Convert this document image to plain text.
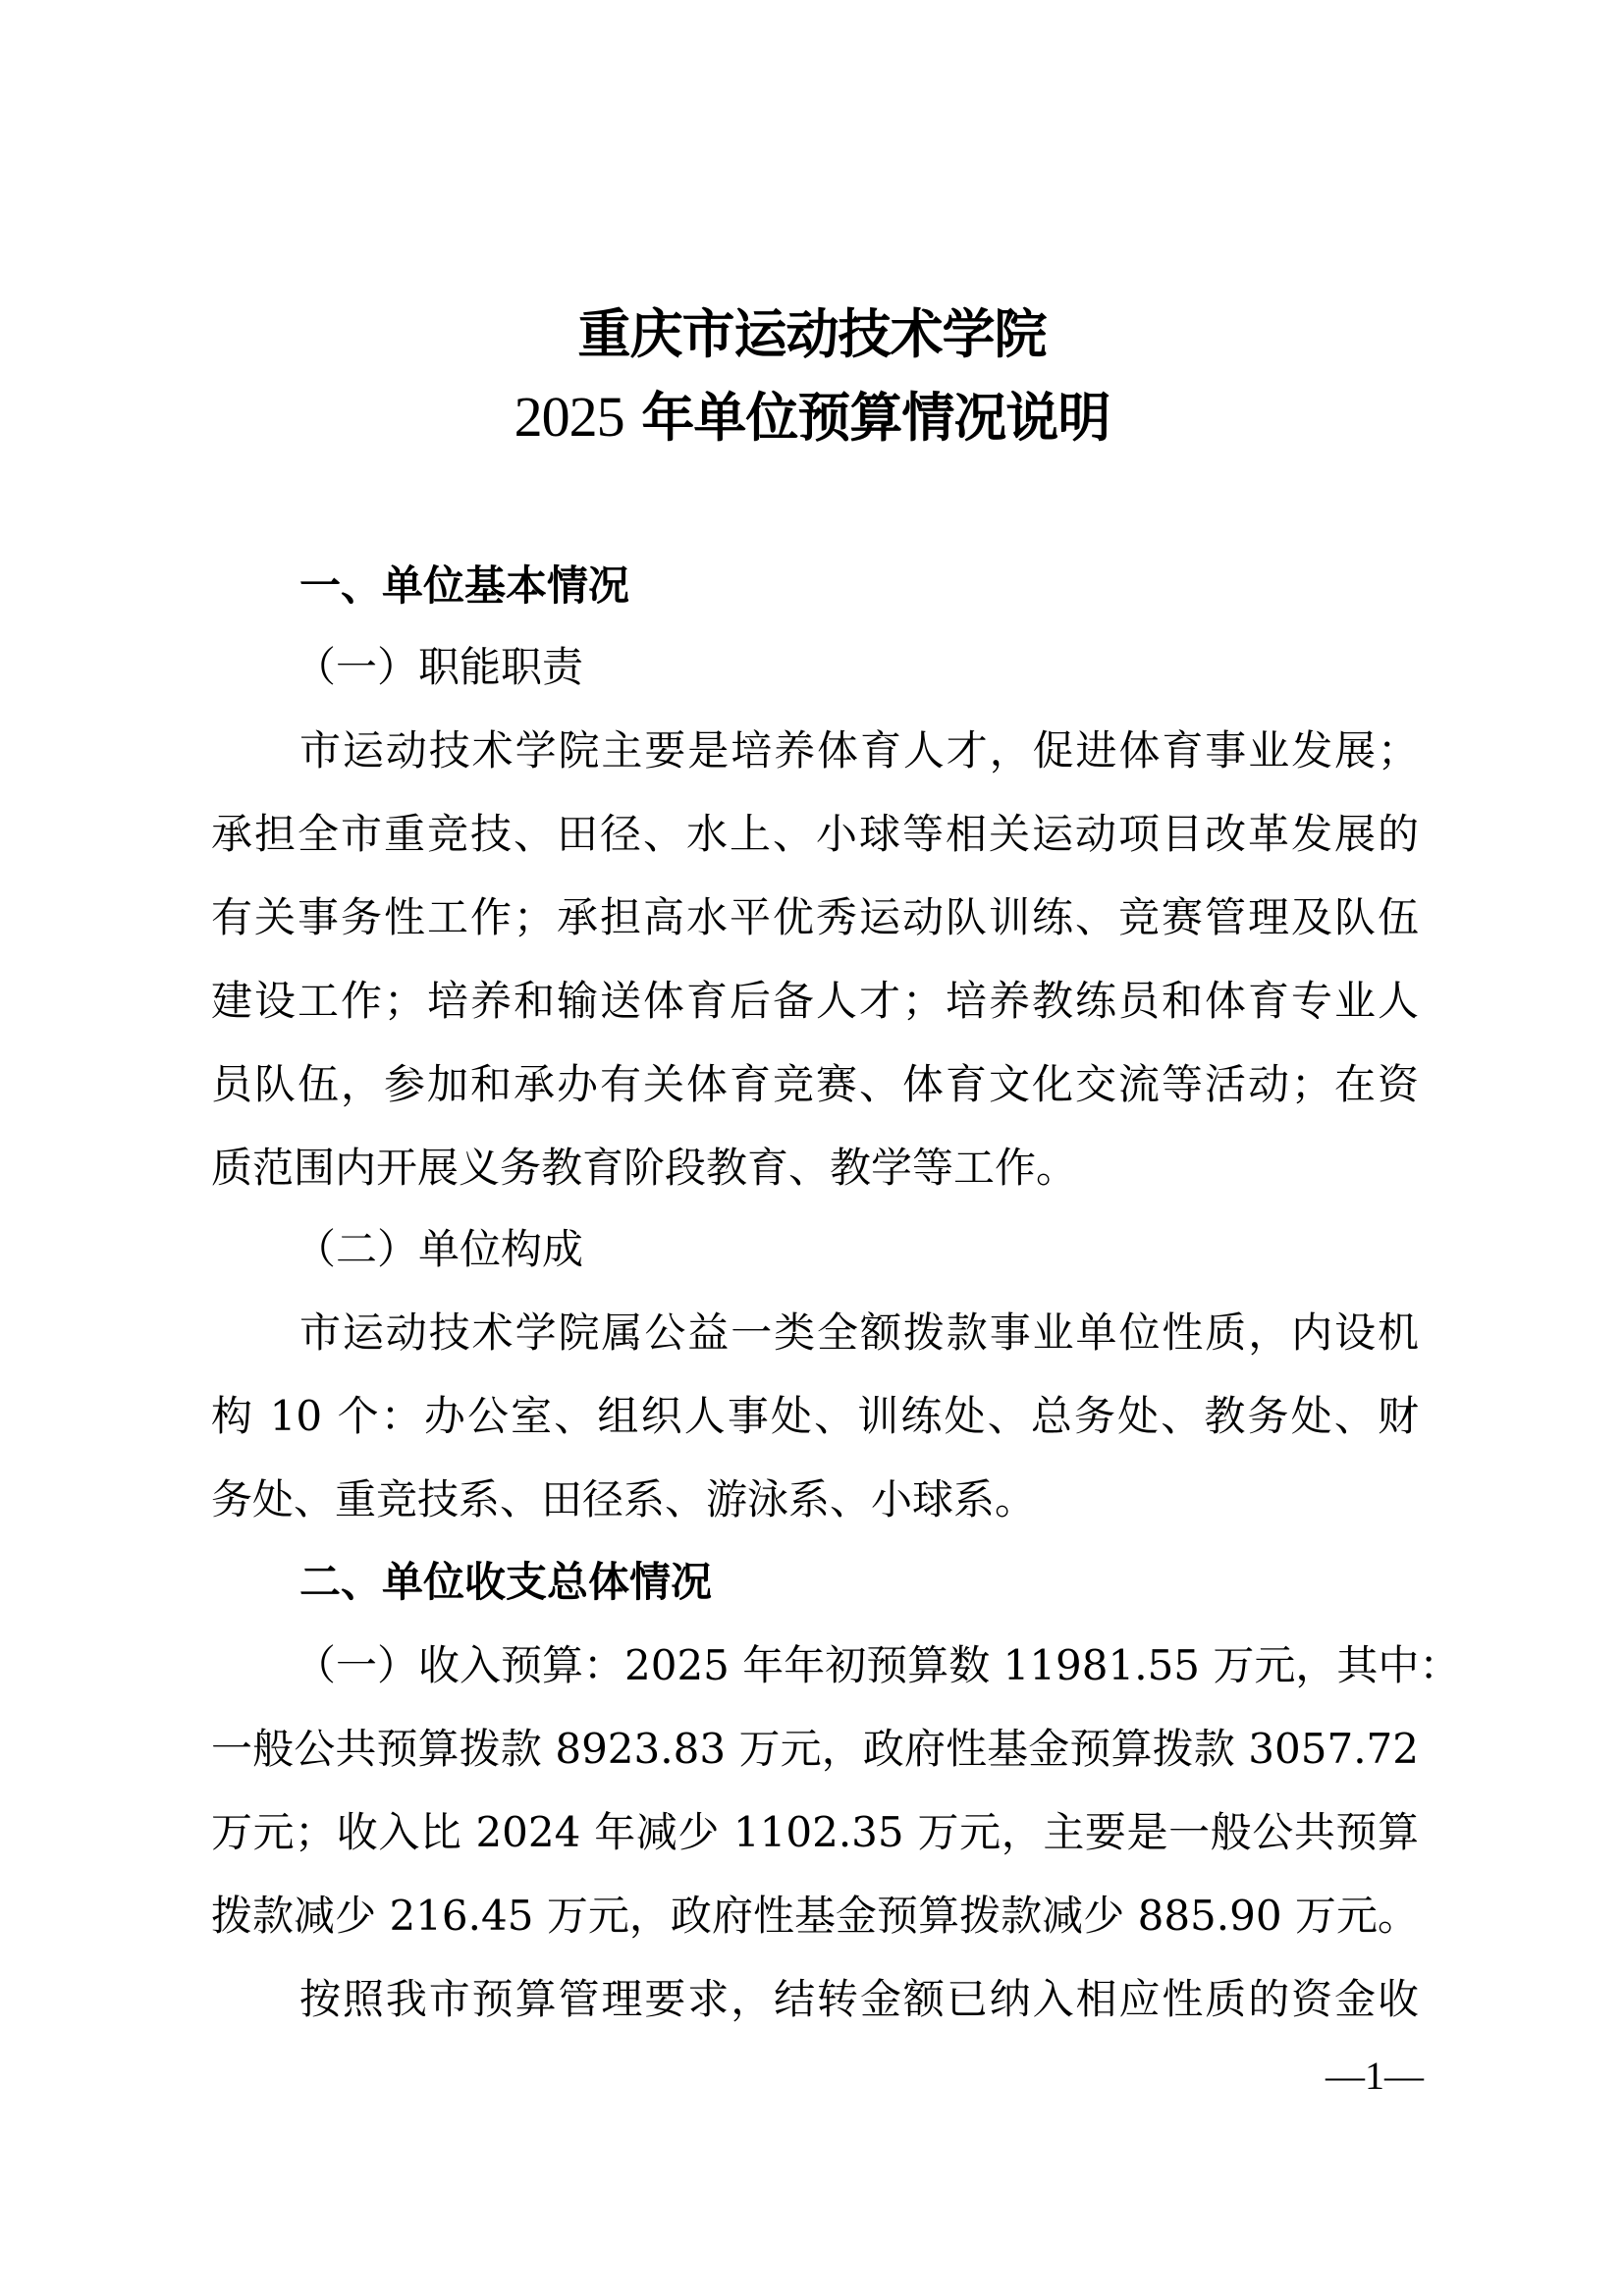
重庆市运动技术学院
2025 年单位预算情况说明
一、单位基本情况
（一）职能职责
市运动技术学院主要是培养体育人才，促进体育事业发展；
承担全市重竞技、田径、水上、小球等相关运动项目改革发展的
有关事务性工作；承担高水平优秀运动队训练、竞赛管理及队伍
建设工作；培养和输送体育后备人才；培养教练员和体育专业人
员队伍，参加和承办有关体育竞赛、体育文化交流等活动；在资
质范围内开展义务教育阶段教育、教学等工作。
（二）单位构成
市运动技术学院属公益一类全额拨款事业单位性质，内设机
构 10 个：办公室、组织人事处、训练处、总务处、教务处、财
务处、重竞技系、田径系、游泳系、小球系。
二、单位收支总体情况
（一）收入预算： 2025 年年初预算数 11981.55 万元，其中：
一般公共预算拨款 8923.83 万元，政府性基金预算拨款 3057.72
万元；收入比 2024 年减少 1102.35 万元，主要是一般公共预算
拨款减少 216.45 万元，政府性基金预算拨款减少 885.90 万元。
按照我市预算管理要求，结转金额已纳入相应性质的资金收
—1—
